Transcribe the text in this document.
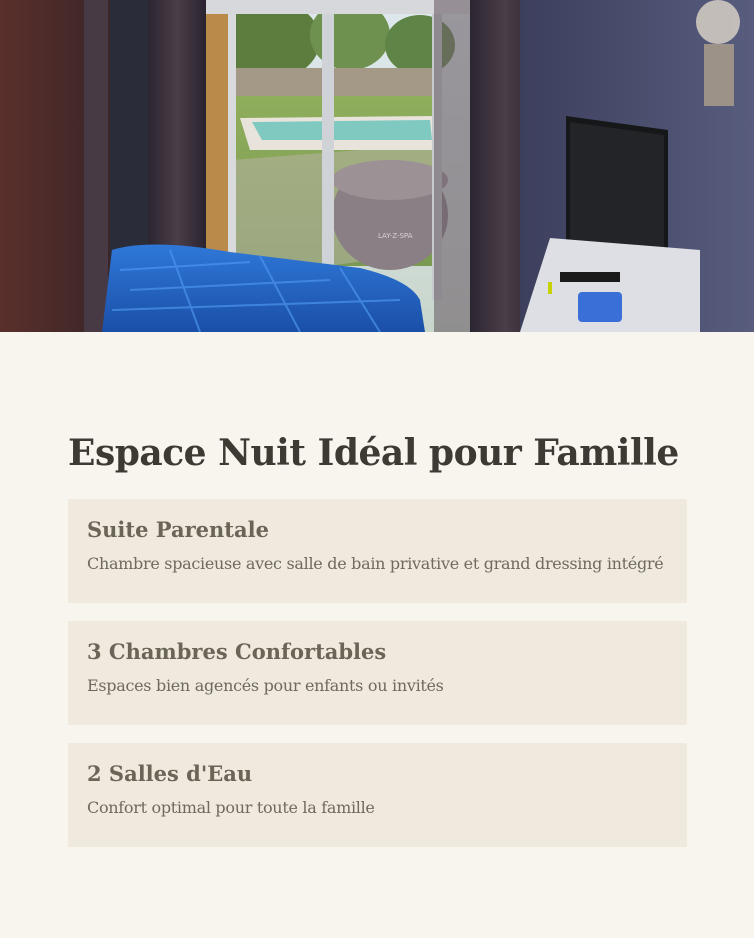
LAY-Z-SPA
Espace Nuit Idéal pour Famille
Suite Parentale

Chambre spacieuse avec salle de bain privative et grand dressing intégré

3 Chambres Confortables

Espaces bien agencés pour enfants ou invités

2 Salles d'Eau

Confort optimal pour toute la famille
